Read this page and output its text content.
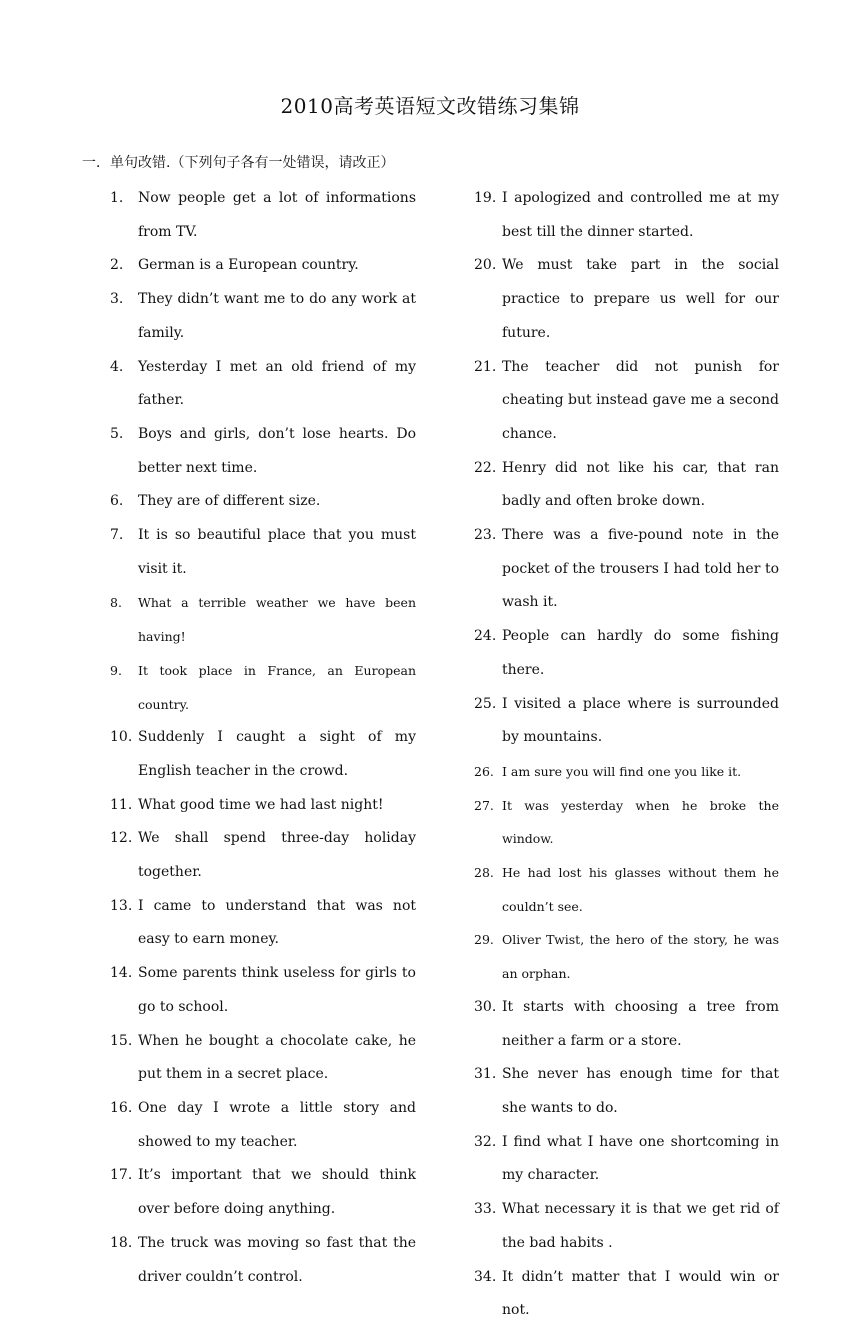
2010高考英语短文改错练习集锦
一．单句改错.（下列句子各有一处错误，请改正）
1. Now people get a lot of informations from TV.
2. German is a European country.
3. They didn’t want me to do any work at family.
4. Yesterday I met an old friend of my father.
5. Boys and girls, don’t lose hearts. Do better next time.
6. They are of different size.
7. It is so beautiful place that you must visit it.
8. What a terrible weather we have been having!
9. It took place in France, an European country.
10. Suddenly I caught a sight of my English teacher in the crowd.
11. What good time we had last night!
12. We shall spend three-day holiday together.
13. I came to understand that was not easy to earn money.
14. Some parents think useless for girls to go to school.
15. When he bought a chocolate cake, he put them in a secret place.
16. One day I wrote a little story and showed to my teacher.
17. It’s important that we should think over before doing anything.
18. The truck was moving so fast that the driver couldn’t control.
19. I apologized and controlled me at my best till the dinner started.
20. We must take part in the social practice to prepare us well for our future.
21. The teacher did not punish for cheating but instead gave me a second chance.
22. Henry did not like his car, that ran badly and often broke down.
23. There was a five-pound note in the pocket of the trousers I had told her to wash it.
24. People can hardly do some fishing there.
25. I visited a place where is surrounded by mountains.
26. I am sure you will find one you like it.
27. It was yesterday when he broke the window.
28. He had lost his glasses without them he couldn’t see.
29. Oliver Twist, the hero of the story, he was an orphan.
30. It starts with choosing a tree from neither a farm or a store.
31. She never has enough time for that she wants to do.
32. I find what I have one shortcoming in my character.
33. What necessary it is that we get rid of the bad habits .
34. It didn’t matter that I would win or not.
